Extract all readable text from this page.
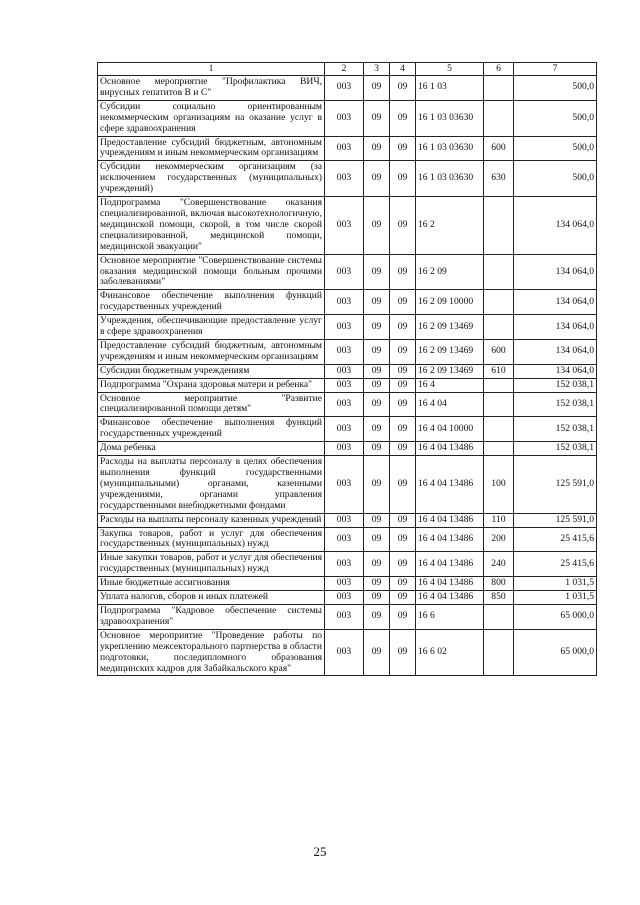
1	2	3	4	5	6	7
Основное мероприятие "Профилактика ВИЧ, вирусных гепатитов В и С"	003	09	09	16 1 03		500,0
Субсидии социально ориентированным некоммерческим организациям на оказание услуг в сфере здравоохранения	003	09	09	16 1 03 03630		500,0
Предоставление субсидий бюджетным, автономным учреждениям и иным некоммерческим организациям	003	09	09	16 1 03 03630	600	500,0
Субсидии некоммерческим организациям (за исключением государственных (муниципальных) учреждений)	003	09	09	16 1 03 03630	630	500,0
Подпрограмма "Совершенствование оказания специализированной, включая высокотехнологичную, медицинской помощи, скорой, в том числе скорой специализированной, медицинской помощи, медицинской эвакуации"	003	09	09	16 2		134 064,0
Основное мероприятие "Совершенствование системы оказания медицинской помощи больным прочими заболеваниями"	003	09	09	16 2 09		134 064,0
Финансовое обеспечение выполнения функций государственных учреждений	003	09	09	16 2 09 10000		134 064,0
Учреждения, обеспечивающие предоставление услуг в сфере здравоохранения	003	09	09	16 2 09 13469		134 064,0
Предоставление субсидий бюджетным, автономным учреждениям и иным некоммерческим организациям	003	09	09	16 2 09 13469	600	134 064,0
Субсидии бюджетным учреждениям	003	09	09	16 2 09 13469	610	134 064,0
Подпрограмма "Охрана здоровья матери и ребенка"	003	09	09	16 4		152 038,1
Основное мероприятие "Развитие специализированной помощи детям"	003	09	09	16 4 04		152 038,1
Финансовое обеспечение выполнения функций государственных учреждений	003	09	09	16 4 04 10000		152 038,1
Дома ребенка	003	09	09	16 4 04 13486		152 038,1
Расходы на выплаты персоналу в целях обеспечения выполнения функций государственными (муниципальными) органами, казенными учреждениями, органами управления государственными внебюджетными фондами	003	09	09	16 4 04 13486	100	125 591,0
Расходы на выплаты персоналу казенных учреждений	003	09	09	16 4 04 13486	110	125 591,0
Закупка товаров, работ и услуг для обеспечения государственных (муниципальных) нужд	003	09	09	16 4 04 13486	200	25 415,6
Иные закупки товаров, работ и услуг для обеспечения государственных (муниципальных) нужд	003	09	09	16 4 04 13486	240	25 415,6
Иные бюджетные ассигнования	003	09	09	16 4 04 13486	800	1 031,5
Уплата налогов, сборов и иных платежей	003	09	09	16 4 04 13486	850	1 031,5
Подпрограмма "Кадровое обеспечение системы здравоохранения"	003	09	09	16 6		65 000,0
Основное мероприятие "Проведение работы по укреплению межсекторального партнерства в области подготовки, последипломного образования медицинских кадров для Забайкальского края"	003	09	09	16 6 02		65 000,0
25
